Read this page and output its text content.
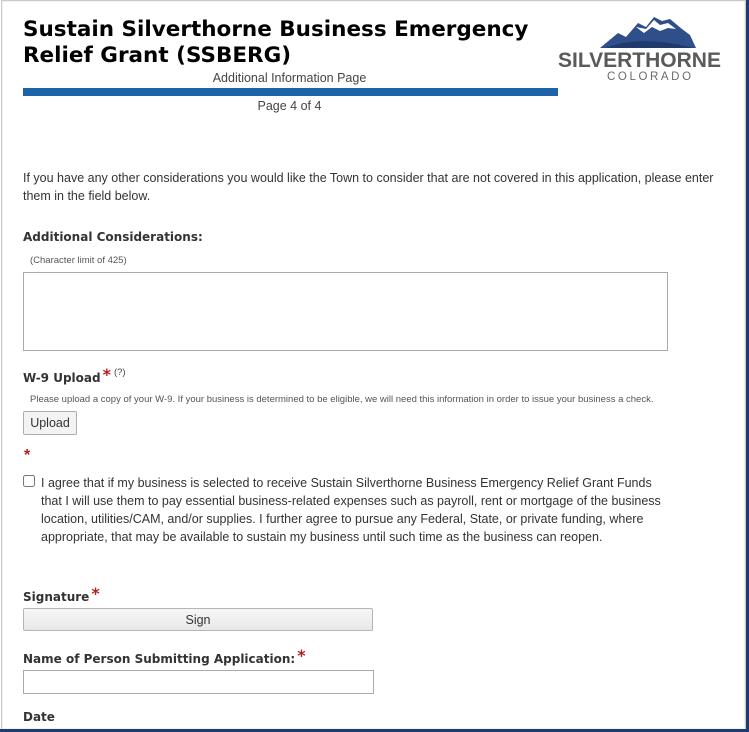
Sustain Silverthorne Business Emergency Relief Grant (SSBERG)	SILVERTHORNE
COLORADO
Additional Information Page
Page 4 of 4
If you have any other considerations you would like the Town to consider that are not covered in this application, please enter them in the field below.
Additional Considerations:
(Character limit of 425)
W-9 Upload * (?)
Please upload a copy of your W-9. If your business is determined to be eligible, we will need this information in order to issue your business a check.
Upload
*
I agree that if my business is selected to receive Sustain Silverthorne Business Emergency Relief Grant Funds that I will use them to pay essential business-related expenses such as payroll, rent or mortgage of the business location, utilities/CAM, and/or supplies. I further agree to pursue any Federal, State, or private funding, where appropriate, that may be available to sustain my business until such time as the business can reopen.
Signature *
Sign
Name of Person Submitting Application: *
Date
